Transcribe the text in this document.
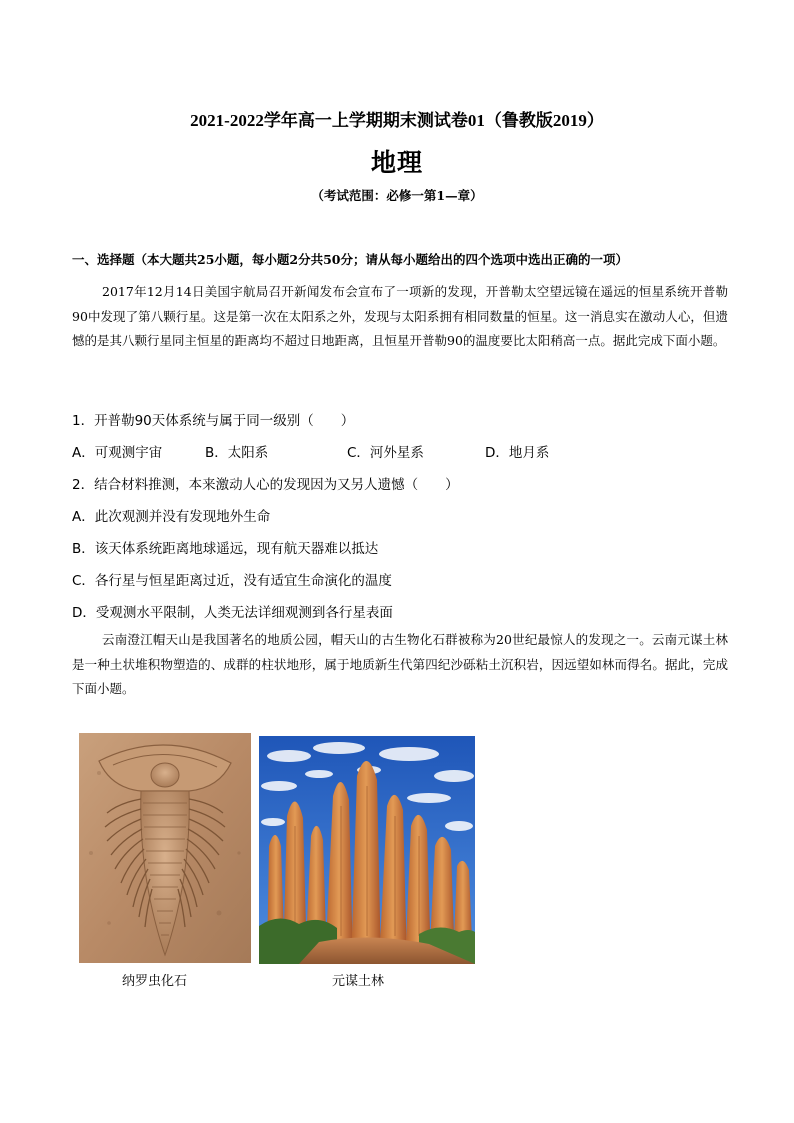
2021-2022学年高一上学期期末测试卷01（鲁教版2019）
地理
（考试范围：必修一第1—章）
一、选择题（本大题共25小题，每小题2分共50分；请从每小题给出的四个选项中选出正确的一项）
2017年12月14日美国宇航局召开新闻发布会宣布了一项新的发现，开普勒太空望远镜在遥远的恒星系统开普勒90中发现了第八颗行星。这是第一次在太阳系之外，发现与太阳系拥有相同数量的恒星。这一消息实在激动人心，但遗憾的是其八颗行星同主恒星的距离均不超过日地距离，且恒星开普勒90的温度要比太阳稍高一点。据此完成下面小题。
1．开普勒90天体系统与属于同一级别（　　）
A．可观测宇宙	B．太阳系	C．河外星系	D．地月系
2．结合材料推测，本来激动人心的发现因为又另人遗憾（　　）
A．此次观测并没有发现地外生命
B．该天体系统距离地球遥远，现有航天器难以抵达
C．各行星与恒星距离过近，没有适宜生命演化的温度
D．受观测水平限制，人类无法详细观测到各行星表面
云南澄江帽天山是我国著名的地质公园，帽天山的古生物化石群被称为20世纪最惊人的发现之一。云南元谋土林是一种土状堆积物塑造的、成群的柱状地形，属于地质新生代第四纪沙砾粘土沉积岩，因远望如林而得名。据此，完成下面小题。
纳罗虫化石	元谋土林
